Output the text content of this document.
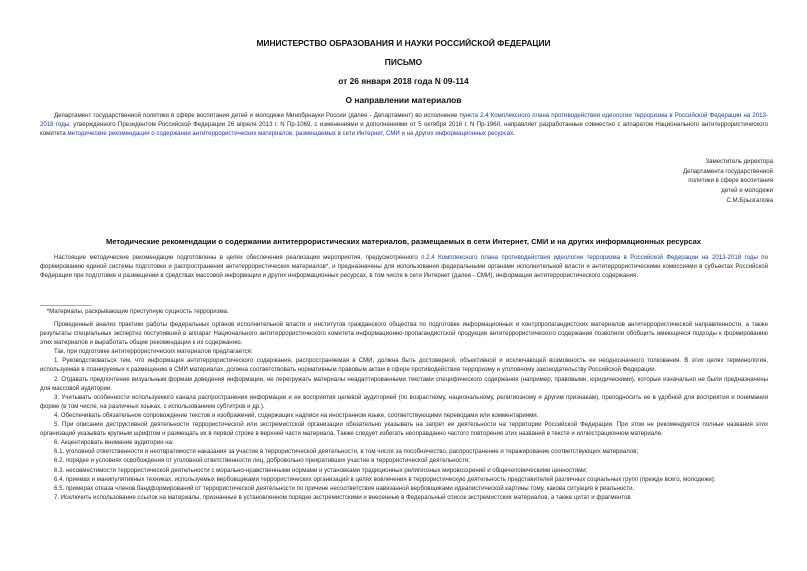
МИНИСТЕРСТВО ОБРАЗОВАНИЯ И НАУКИ РОССИЙСКОЙ ФЕДЕРАЦИИ
ПИСЬМО
от 26 января 2018 года N 09-114
О направлении материалов
Департамент государственной политики в сфере воспитания детей и молодежи Минобрнауки России (далее - Департамент) во исполнение пункта 2.4 Комплексного плана противодействия идеологии терроризма в Российской Федерации на 2013-2018 годы, утвержденного Президентом Российской Федерации 26 апреля 2013 г. N Пр-1069, с изменениями и дополнениями от 5 октября 2016 г. N Пр-1960, направляет разработанные совместно с аппаратом Национального антитеррористического комитета методические рекомендации о содержании антитеррористических материалов, размещаемых в сети Интернет, СМИ и на других информационных ресурсах.
Заместитель директора
Департамента государственной
политики в сфере воспитания
детей и молодежи
С.М.Брызгалова
Методические рекомендации о содержании антитеррористических материалов, размещаемых в сети Интернет, СМИ и на других информационных ресурсах
Настоящие методические рекомендации подготовлены в целях обеспечения реализации мероприятия, предусмотренного п.2.4 Комплексного плана противодействия идеологии терроризма в Российской Федерации на 2013-2018 годы по формированию единой системы подготовки и распространения антитеррористических материалов*, и предназначены для использования федеральными органами исполнительной власти и антитеррористическими комиссиями в субъектах Российской Федерации при подготовке и размещении в средствах массовой информации и других информационных ресурсах, в том числе в сети Интернет (далее - СМИ), информации антитеррористического содержания.
_______________
*Материалы, раскрывающие преступную сущность терроризма.
Проведенный анализ практики работы федеральных органов исполнительной власти и институтов гражданского общества по подготовке информационных и контрпропагандистских материалов антитеррористической направленности, а также результаты специальных экспертиз поступившей в аппарат Национального антитеррористического комитета информационно-пропагандистской продукции антитеррористического содержания позволили обобщить имеющиеся подходы к формированию этих материалов и выработать общие рекомендации к их содержанию.
Так, при подготовке антитеррористических материалов предлагается:
1. Руководствоваться тем, что информация антитеррористического содержания, распространяемая в СМИ, должна быть достоверной, объективной и исключающей возможность ее неоднозначного толкования. В этих целях терминология, используемая в планируемых к размещению в СМИ материалах, должна соответствовать нормативным правовым актам в сфере противодействия терроризму и уголовному законодательству Российской Федерации.
2. Отдавать предпочтение визуальным формам доведения информации, не перегружать материалы неадаптированными текстами специфического содержания (например, правовыми, юридическими), которые изначально не были предназначены для массовой аудитории.
3. Учитывать особенности используемого канала распространения информации и ее восприятия целевой аудиторией (по возрастному, национальному, религиозному и другим признакам), преподносить ее в удобной для восприятия и понимания форме (в том числе, на различных языках, с использованием субтитров и др.).
4. Обеспечивать обязательное сопровождение текстов и изображений, содержащих надписи на иностранном языке, соответствующими переводами или комментариями.
5. При описании деструктивной деятельности террористической или экстремистской организации обязательно указывать на запрет ее деятельности на территории Российской Федерации. При этом не рекомендуется полные названия этих организаций указывать крупным шрифтом и размещать их в первой строке в верхней части материала. Также следует избегать неоправданно частого повторения этих названий в тексте и иллюстрационном материале.
6. Акцентировать внимание аудитории на:
6.1. уголовной ответственности и неотвратимости наказания за участие в террористической деятельности, в том числе за пособничество, распространение и тиражирование соответствующих материалов;
6.2. порядке и условиях освобождения от уголовной ответственности лиц, добровольно прекративших участие в террористической деятельности;
6.3. несовместимости террористической деятельности с морально-нравственными нормами и установками традиционных религиозных мировоззрений и общечеловеческими ценностями;
6.4. приемах и манипулятивных техниках, используемых вербовщиками террористических организаций в целях вовлечения в террористическую деятельность представителей различных социальных групп (прежде всего, молодежи);
6.5. примерах отказа членов бандформирований от террористической деятельности по причине несоответствия навязанной вербовщиками идеалистической картины тому, какова ситуация в реальности.
7. Исключить использование ссылок на материалы, признанные в установленном порядке экстремистскими и внесенные в Федеральный список экстремистских материалов, а также цитат и фрагментов
